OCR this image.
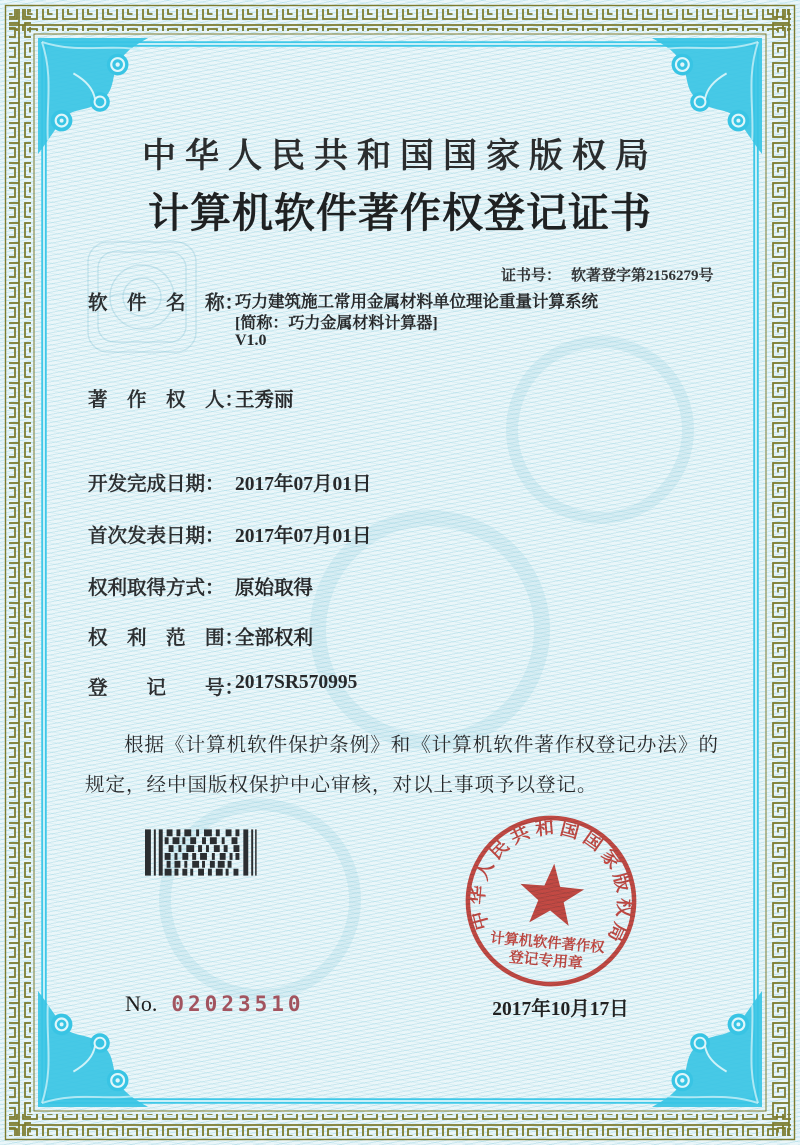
中华人民共和国国家版权局
计算机软件著作权登记证书

证书号： 软著登字第2156279号

软　件　名　称：
巧力建筑施工常用金属材料单位理论重量计算系统
[简称：巧力金属材料计算器]
V1.0
著　作　权　人：
王秀丽
开发完成日期： 2017年07月01日
首次发表日期： 2017年07月01日
权利取得方式： 原始取得
权　利　范　围：
全部权利
登　　记　　号：
2017SR570995
根据《计算机软件保护条例》和《计算机软件著作权登记办法》的规定，经中国版权保护中心审核，对以上事项予以登记。
中华人民共和国国家版权局
计算机软件著作权
登记专用章
2017年10月17日
No. 02023510
